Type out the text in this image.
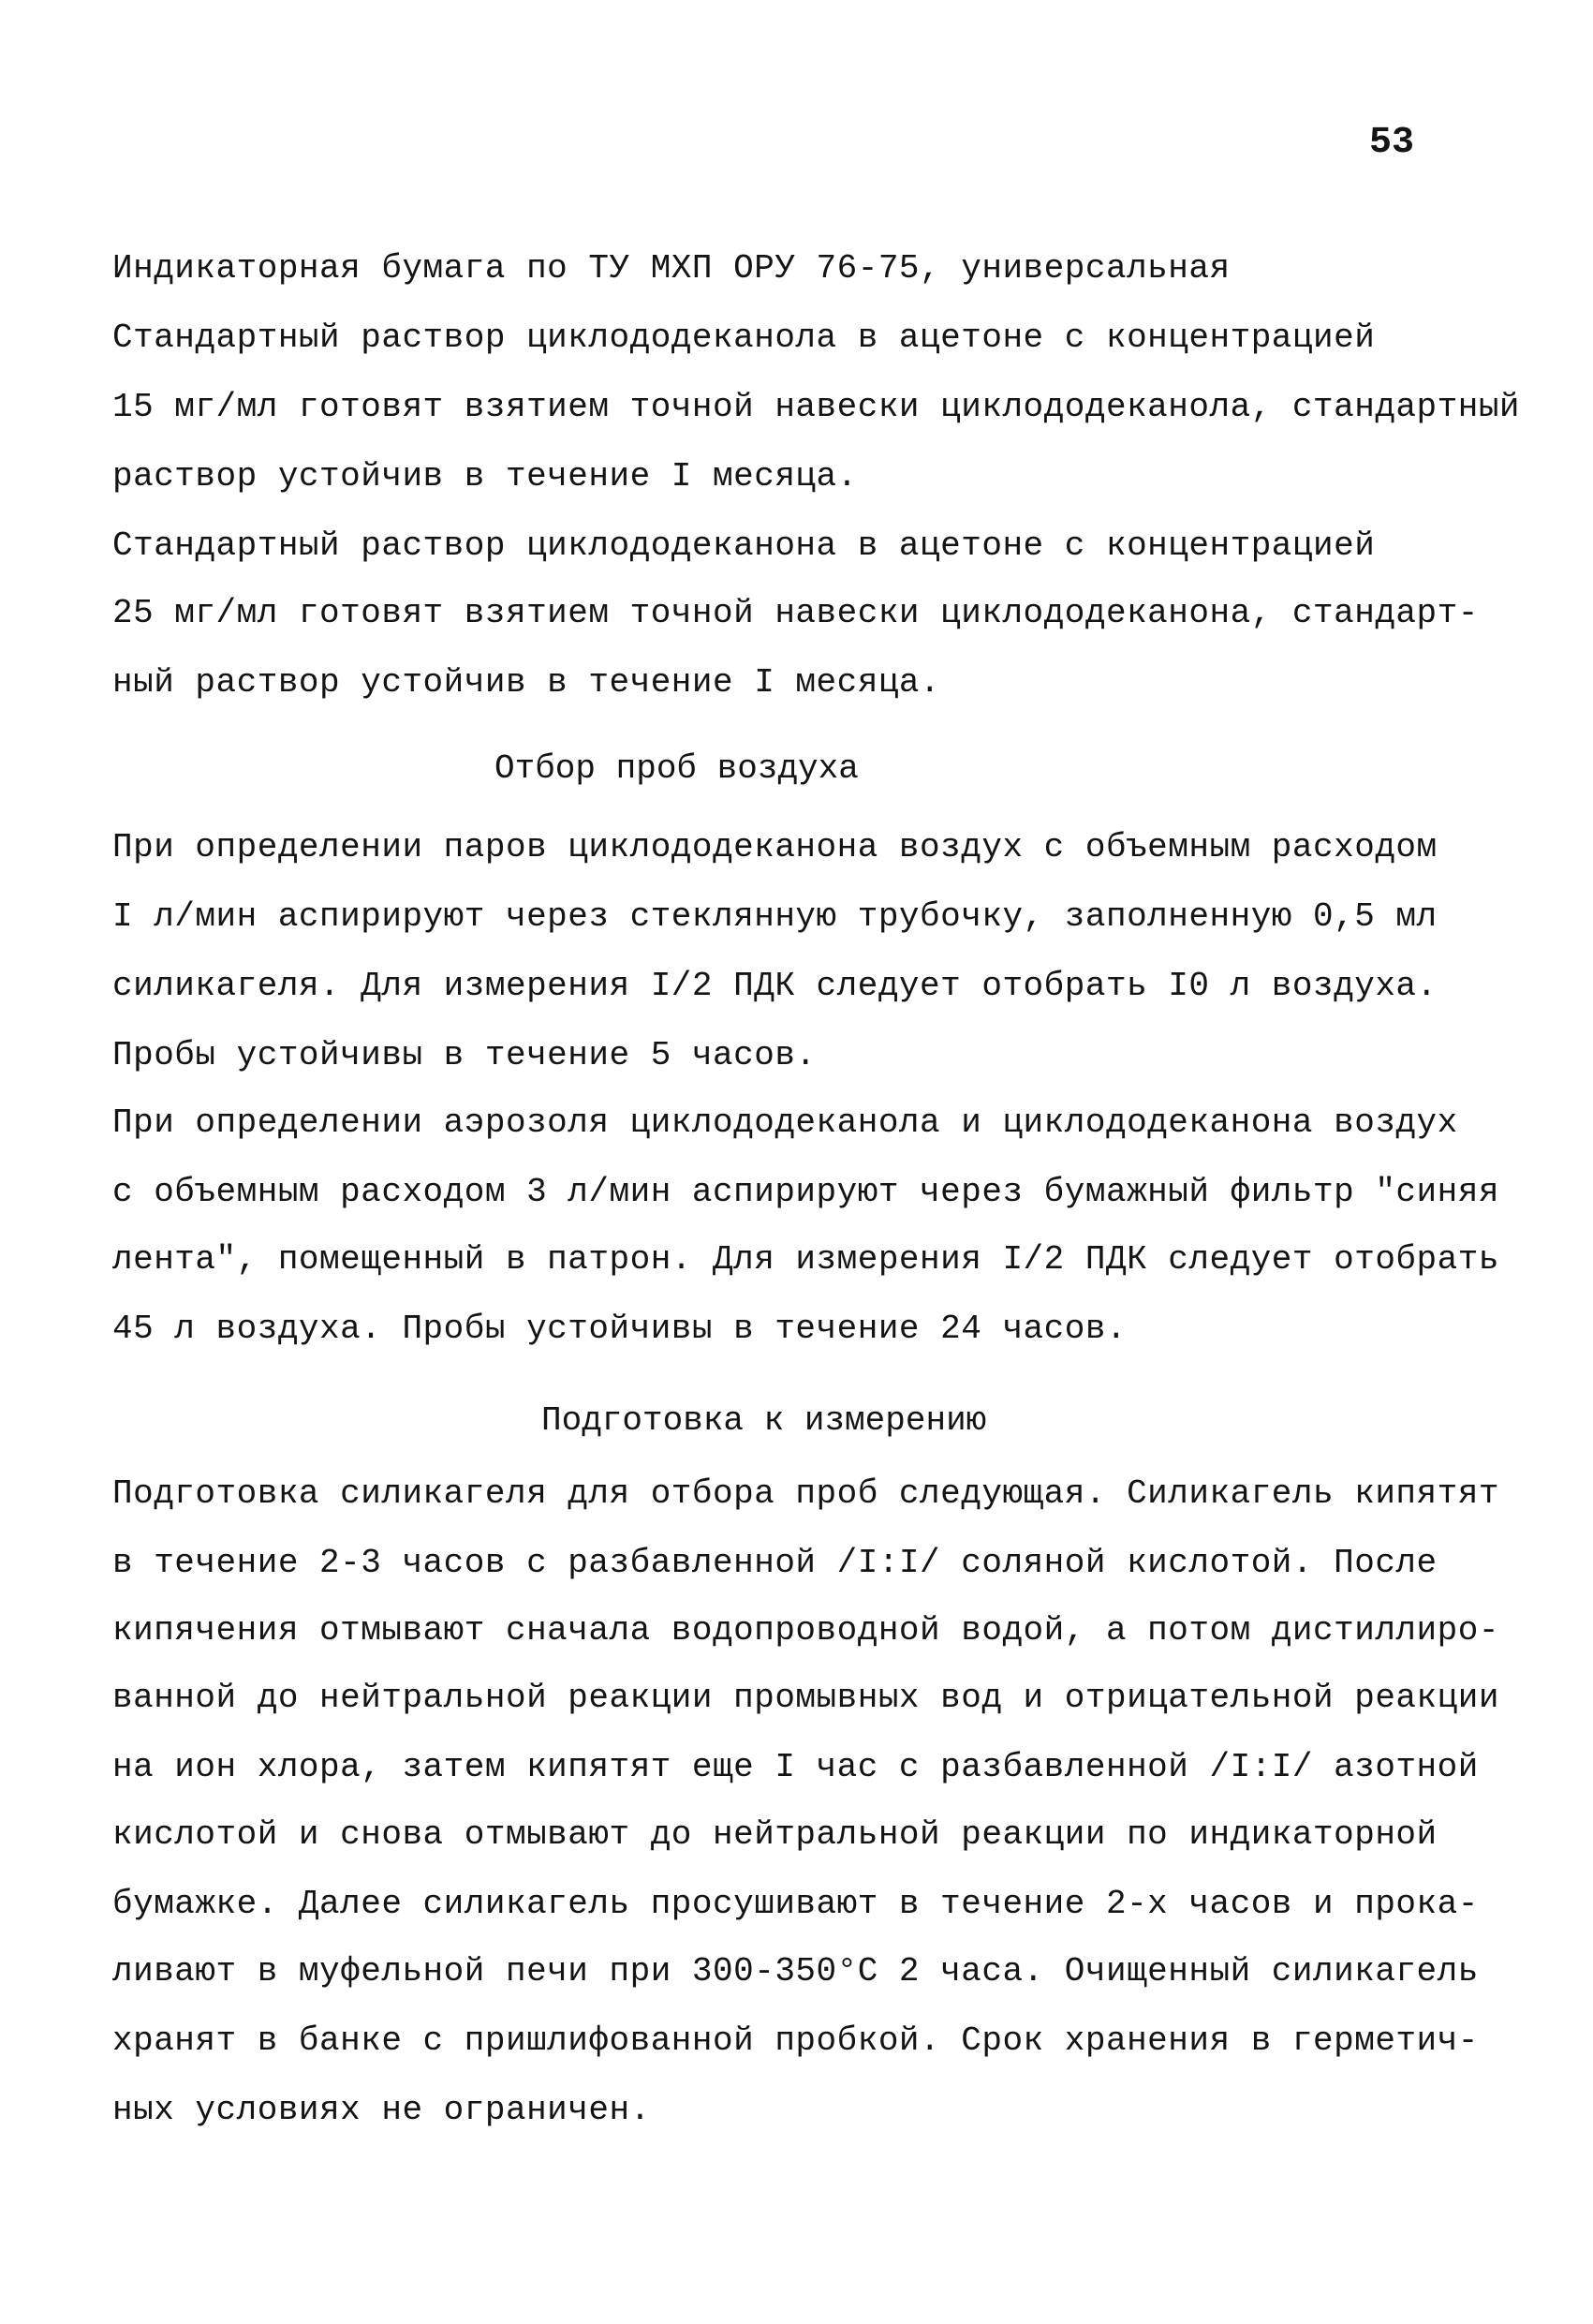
53
Индикаторная бумага по ТУ МХП ОРУ 76-75, универсальная
Стандартный раствор циклододеканола в ацетоне с концентрацией
15 мг/мл готовят взятием точной навески циклододеканола, стандартный
раствор устойчив в течение I месяца.
Стандартный раствор циклододеканона в ацетоне с концентрацией
25 мг/мл готовят взятием точной навески циклододеканона, стандарт-
ный раствор устойчив в течение I месяца.
Отбор проб воздуха
При определении паров циклододеканона воздух с объемным расходом
I л/мин аспирируют через стеклянную трубочку, заполненную 0,5 мл
силикагеля. Для измерения I/2 ПДК следует отобрать I0 л воздуха.
Пробы устойчивы в течение 5 часов.
При определении аэрозоля циклододеканола и циклододеканона воздух
с объемным расходом 3 л/мин аспирируют через бумажный фильтр "синяя
лента", помещенный в патрон. Для измерения I/2 ПДК следует отобрать
45 л воздуха. Пробы устойчивы в течение 24 часов.
Подготовка к измерению
Подготовка силикагеля для отбора проб следующая. Силикагель кипятят
в течение 2-3 часов с разбавленной /I:I/ соляной кислотой. После
кипячения отмывают сначала водопроводной водой, а потом дистиллиро-
ванной до нейтральной реакции промывных вод и отрицательной реакции
на ион хлора, затем кипятят еще I час с разбавленной /I:I/ азотной
кислотой и снова отмывают до нейтральной реакции по индикаторной
бумажке. Далее силикагель просушивают в течение 2-х часов и прока-
ливают в муфельной печи при 300-350°С 2 часа. Очищенный силикагель
хранят в банке с пришлифованной пробкой. Срок хранения в герметич-
ных условиях не ограничен.
